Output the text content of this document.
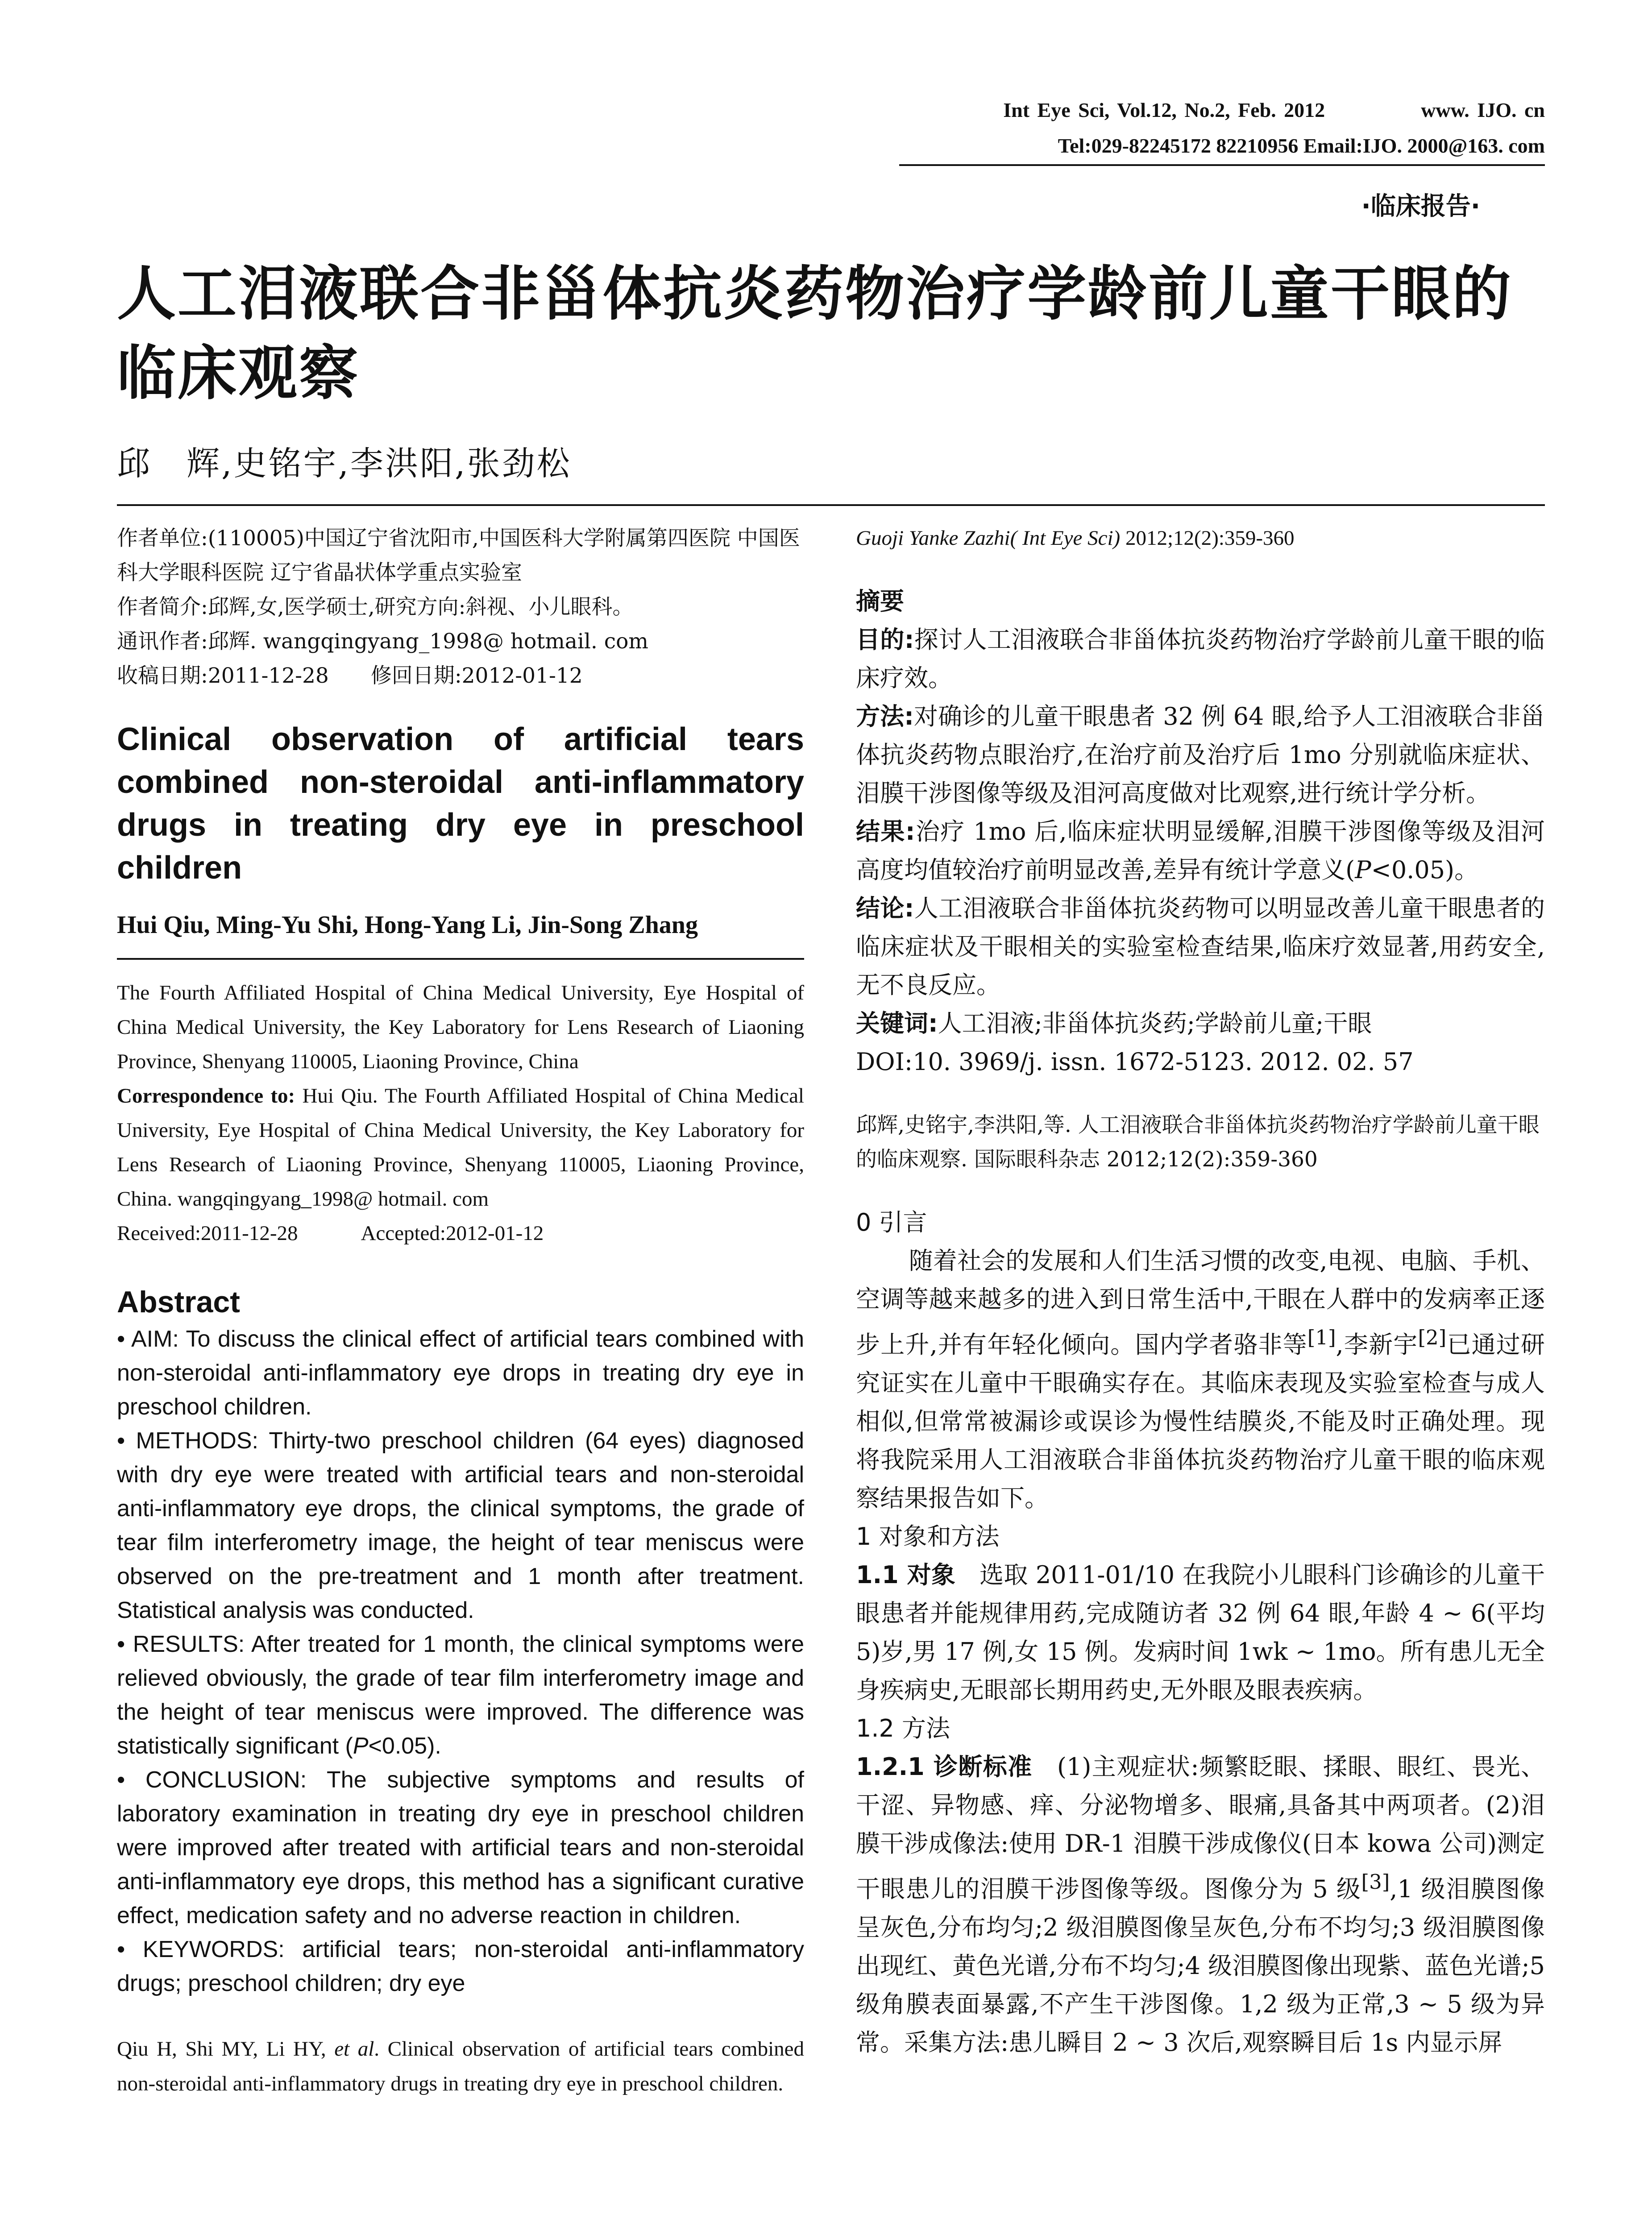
Int Eye Sci, Vol.12, No.2, Feb. 2012	www. IJO. cn
Tel:029-82245172 82210956 Email:IJO. 2000@163. com
·临床报告·
人工泪液联合非甾体抗炎药物治疗学龄前儿童干眼的临床观察
邱　辉,史铭宇,李洪阳,张劲松

作者单位:(110005)中国辽宁省沈阳市,中国医科大学附属第四医院 中国医科大学眼科医院 辽宁省晶状体学重点实验室

作者简介:邱辉,女,医学硕士,研究方向:斜视、小儿眼科。

通讯作者:邱辉. wangqingyang_1998@ hotmail. com

收稿日期:2011-12-28　　修回日期:2012-01-12

Clinical observation of artificial tears combined non-steroidal anti-inflammatory drugs in treating dry eye in preschool children

Hui Qiu, Ming-Yu Shi, Hong-Yang Li, Jin-Song Zhang

The Fourth Affiliated Hospital of China Medical University, Eye Hospital of China Medical University, the Key Laboratory for Lens Research of Liaoning Province, Shenyang 110005, Liaoning Province, China

Correspondence to: Hui Qiu. The Fourth Affiliated Hospital of China Medical University, Eye Hospital of China Medical University, the Key Laboratory for Lens Research of Liaoning Province, Shenyang 110005, Liaoning Province, China. wangqingyang_1998@ hotmail. com

Received:2011-12-28　　　Accepted:2012-01-12

Abstract

• AIM: To discuss the clinical effect of artificial tears combined with non-steroidal anti-inflammatory eye drops in treating dry eye in preschool children.

• METHODS: Thirty-two preschool children (64 eyes) diagnosed with dry eye were treated with artificial tears and non-steroidal anti-inflammatory eye drops, the clinical symptoms, the grade of tear film interferometry image, the height of tear meniscus were observed on the pre-treatment and 1 month after treatment. Statistical analysis was conducted.

• RESULTS: After treated for 1 month, the clinical symptoms were relieved obviously, the grade of tear film interferometry image and the height of tear meniscus were improved. The difference was statistically significant (P<0.05).

• CONCLUSION: The subjective symptoms and results of laboratory examination in treating dry eye in preschool children were improved after treated with artificial tears and non-steroidal anti-inflammatory eye drops, this method has a significant curative effect, medication safety and no adverse reaction in children.

• KEYWORDS: artificial tears; non-steroidal anti-inflammatory drugs; preschool children; dry eye

Qiu H, Shi MY, Li HY, et al. Clinical observation of artificial tears combined non-steroidal anti-inflammatory drugs in treating dry eye in preschool children.

Guoji Yanke Zazhi( Int Eye Sci) 2012;12(2):359-360

摘要

目的:探讨人工泪液联合非甾体抗炎药物治疗学龄前儿童干眼的临床疗效。

方法:对确诊的儿童干眼患者 32 例 64 眼,给予人工泪液联合非甾体抗炎药物点眼治疗,在治疗前及治疗后 1mo 分别就临床症状、泪膜干涉图像等级及泪河高度做对比观察,进行统计学分析。

结果:治疗 1mo 后,临床症状明显缓解,泪膜干涉图像等级及泪河高度均值较治疗前明显改善,差异有统计学意义(P<0.05)。

结论:人工泪液联合非甾体抗炎药物可以明显改善儿童干眼患者的临床症状及干眼相关的实验室检查结果,临床疗效显著,用药安全,无不良反应。

关键词:人工泪液;非甾体抗炎药;学龄前儿童;干眼

DOI:10. 3969/j. issn. 1672-5123. 2012. 02. 57

邱辉,史铭宇,李洪阳,等. 人工泪液联合非甾体抗炎药物治疗学龄前儿童干眼的临床观察. 国际眼科杂志 2012;12(2):359-360

0 引言

随着社会的发展和人们生活习惯的改变,电视、电脑、手机、空调等越来越多的进入到日常生活中,干眼在人群中的发病率正逐步上升,并有年轻化倾向。国内学者骆非等[1],李新宇[2]已通过研究证实在儿童中干眼确实存在。其临床表现及实验室检查与成人相似,但常常被漏诊或误诊为慢性结膜炎,不能及时正确处理。现将我院采用人工泪液联合非甾体抗炎药物治疗儿童干眼的临床观察结果报告如下。

1 对象和方法

1.1 对象　选取 2011-01/10 在我院小儿眼科门诊确诊的儿童干眼患者并能规律用药,完成随访者 32 例 64 眼,年龄 4 ~ 6(平均 5)岁,男 17 例,女 15 例。发病时间 1wk ~ 1mo。所有患儿无全身疾病史,无眼部长期用药史,无外眼及眼表疾病。

1.2 方法

1.2.1 诊断标准　(1)主观症状:频繁眨眼、揉眼、眼红、畏光、干涩、异物感、痒、分泌物增多、眼痛,具备其中两项者。(2)泪膜干涉成像法:使用 DR-1 泪膜干涉成像仪(日本 kowa 公司)测定干眼患儿的泪膜干涉图像等级。图像分为 5 级[3],1 级泪膜图像呈灰色,分布均匀;2 级泪膜图像呈灰色,分布不均匀;3 级泪膜图像出现红、黄色光谱,分布不均匀;4 级泪膜图像出现紫、蓝色光谱;5 级角膜表面暴露,不产生干涉图像。1,2 级为正常,3 ~ 5 级为异常。采集方法:患儿瞬目 2 ~ 3 次后,观察瞬目后 1s 内显示屏
